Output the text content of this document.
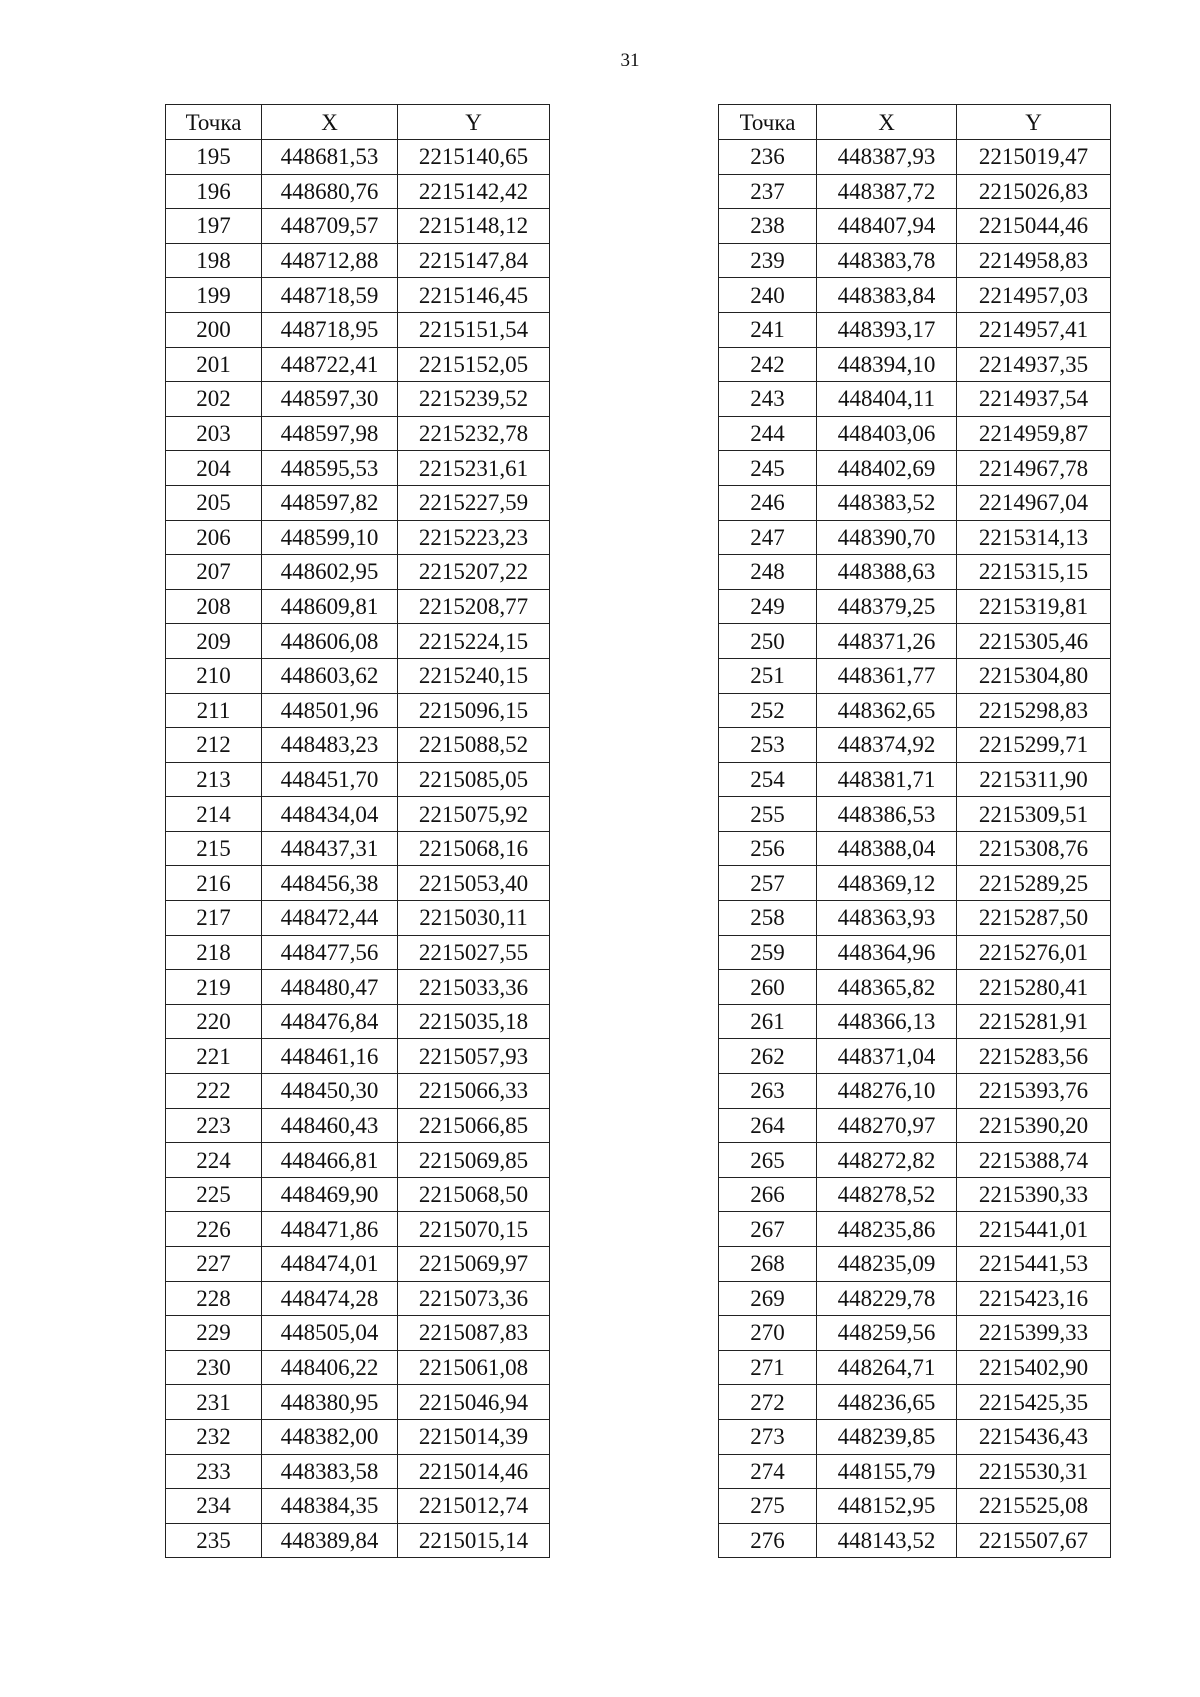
31
Точка	X	Y
195	448681,53	2215140,65
196	448680,76	2215142,42
197	448709,57	2215148,12
198	448712,88	2215147,84
199	448718,59	2215146,45
200	448718,95	2215151,54
201	448722,41	2215152,05
202	448597,30	2215239,52
203	448597,98	2215232,78
204	448595,53	2215231,61
205	448597,82	2215227,59
206	448599,10	2215223,23
207	448602,95	2215207,22
208	448609,81	2215208,77
209	448606,08	2215224,15
210	448603,62	2215240,15
211	448501,96	2215096,15
212	448483,23	2215088,52
213	448451,70	2215085,05
214	448434,04	2215075,92
215	448437,31	2215068,16
216	448456,38	2215053,40
217	448472,44	2215030,11
218	448477,56	2215027,55
219	448480,47	2215033,36
220	448476,84	2215035,18
221	448461,16	2215057,93
222	448450,30	2215066,33
223	448460,43	2215066,85
224	448466,81	2215069,85
225	448469,90	2215068,50
226	448471,86	2215070,15
227	448474,01	2215069,97
228	448474,28	2215073,36
229	448505,04	2215087,83
230	448406,22	2215061,08
231	448380,95	2215046,94
232	448382,00	2215014,39
233	448383,58	2215014,46
234	448384,35	2215012,74
235	448389,84	2215015,14
Точка	X	Y
236	448387,93	2215019,47
237	448387,72	2215026,83
238	448407,94	2215044,46
239	448383,78	2214958,83
240	448383,84	2214957,03
241	448393,17	2214957,41
242	448394,10	2214937,35
243	448404,11	2214937,54
244	448403,06	2214959,87
245	448402,69	2214967,78
246	448383,52	2214967,04
247	448390,70	2215314,13
248	448388,63	2215315,15
249	448379,25	2215319,81
250	448371,26	2215305,46
251	448361,77	2215304,80
252	448362,65	2215298,83
253	448374,92	2215299,71
254	448381,71	2215311,90
255	448386,53	2215309,51
256	448388,04	2215308,76
257	448369,12	2215289,25
258	448363,93	2215287,50
259	448364,96	2215276,01
260	448365,82	2215280,41
261	448366,13	2215281,91
262	448371,04	2215283,56
263	448276,10	2215393,76
264	448270,97	2215390,20
265	448272,82	2215388,74
266	448278,52	2215390,33
267	448235,86	2215441,01
268	448235,09	2215441,53
269	448229,78	2215423,16
270	448259,56	2215399,33
271	448264,71	2215402,90
272	448236,65	2215425,35
273	448239,85	2215436,43
274	448155,79	2215530,31
275	448152,95	2215525,08
276	448143,52	2215507,67
